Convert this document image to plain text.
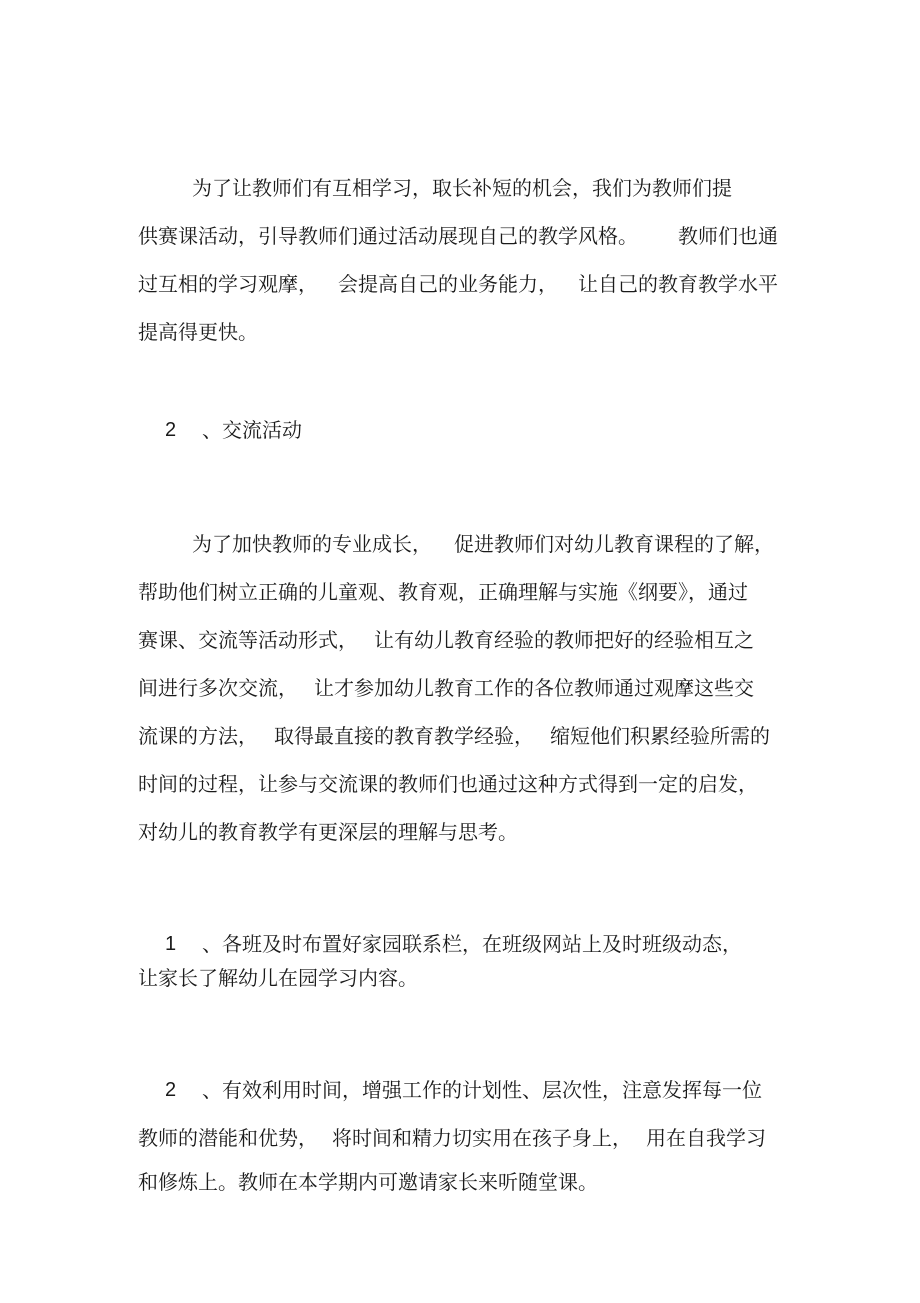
为了让教师们有互相学习，取长补短的机会，我们为教师们提
供赛课活动，引导教师们通过活动展现自己的教学风格。 教师们也通
过互相的学习观摩， 会提高自己的业务能力， 让自己的教育教学水平
提高得更快。
2 、交流活动
为了加快教师的专业成长， 促进教师们对幼儿教育课程的了解，
帮助他们树立正确的儿童观、教育观，正确理解与实施《纲要》，通过
赛课、交流等活动形式， 让有幼儿教育经验的教师把好的经验相互之
间进行多次交流， 让才参加幼儿教育工作的各位教师通过观摩这些交
流课的方法， 取得最直接的教育教学经验， 缩短他们积累经验所需的
时间的过程，让参与交流课的教师们也通过这种方式得到一定的启发，
对幼儿的教育教学有更深层的理解与思考。
1 、各班及时布置好家园联系栏，在班级网站上及时班级动态，
让家长了解幼儿在园学习内容。
2 、有效利用时间，增强工作的计划性、层次性，注意发挥每一位
教师的潜能和优势， 将时间和精力切实用在孩子身上， 用在自我学习
和修炼上。教师在本学期内可邀请家长来听随堂课。
